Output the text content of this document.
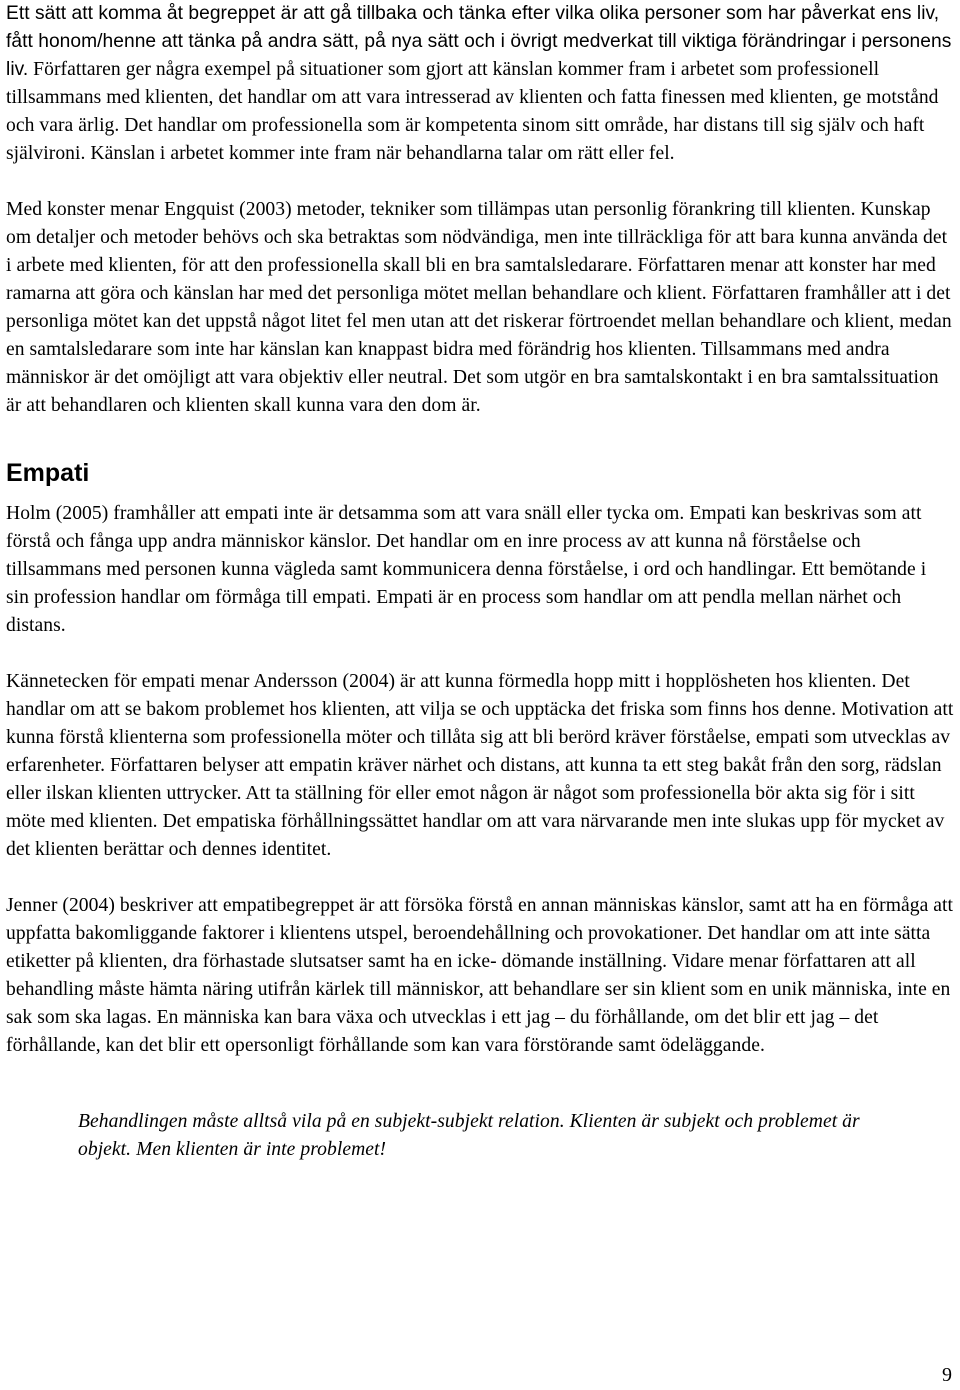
Ett sätt att komma åt begreppet är att gå tillbaka och tänka efter vilka olika personer som har påverkat ens liv, fått honom/henne att tänka på andra sätt, på nya sätt och i övrigt medverkat till viktiga förändringar i personens liv. Författaren ger några exempel på situationer som gjort att känslan kommer fram i arbetet som professionell tillsammans med klienten, det handlar om att vara intresserad av klienten och fatta finessen med klienten, ge motstånd och vara ärlig. Det handlar om professionella som är kompetenta sinom sitt område, har distans till sig själv och haft självironi. Känslan i arbetet kommer inte fram när behandlarna talar om rätt eller fel.

Med konster menar Engquist (2003) metoder, tekniker som tillämpas utan personlig förankring till klienten. Kunskap om detaljer och metoder behövs och ska betraktas som nödvändiga, men inte tillräckliga för att bara kunna använda det i arbete med klienten, för att den professionella skall bli en bra samtalsledarare. Författaren menar att konster har med ramarna att göra och känslan har med det personliga mötet mellan behandlare och klient. Författaren framhåller att i det personliga mötet kan det uppstå något litet fel men utan att det riskerar förtroendet mellan behandlare och klient, medan en samtalsledarare som inte har känslan kan knappast bidra med förändrig hos klienten. Tillsammans med andra människor är det omöjligt att vara objektiv eller neutral. Det som utgör en bra samtalskontakt i en bra samtalssituation är att behandlaren och klienten skall kunna vara den dom är.

Empati

Holm (2005) framhåller att empati inte är detsamma som att vara snäll eller tycka om. Empati kan beskrivas som att förstå och fånga upp andra människor känslor. Det handlar om en inre process av att kunna nå förståelse och tillsammans med personen kunna vägleda samt kommunicera denna förståelse, i ord och handlingar. Ett bemötande i sin profession handlar om förmåga till empati. Empati är en process som handlar om att pendla mellan närhet och distans.

Kännetecken för empati menar Andersson (2004) är att kunna förmedla hopp mitt i hopplösheten hos klienten. Det handlar om att se bakom problemet hos klienten, att vilja se och upptäcka det friska som finns hos denne. Motivation att kunna förstå klienterna som professionella möter och tillåta sig att bli berörd kräver förståelse, empati som utvecklas av erfarenheter. Författaren belyser att empatin kräver närhet och distans, att kunna ta ett steg bakåt från den sorg, rädslan eller ilskan klienten uttrycker. Att ta ställning för eller emot någon är något som professionella bör akta sig för i sitt möte med klienten. Det empatiska förhållningssättet handlar om att vara närvarande men inte slukas upp för mycket av det klienten berättar och dennes identitet.

Jenner (2004) beskriver att empatibegreppet är att försöka förstå en annan människas känslor, samt att ha en förmåga att uppfatta bakomliggande faktorer i klientens utspel, beroendehållning och provokationer. Det handlar om att inte sätta etiketter på klienten, dra förhastade slutsatser samt ha en icke- dömande inställning. Vidare menar författaren att all behandling måste hämta näring utifrån kärlek till människor, att behandlare ser sin klient som en unik människa, inte en sak som ska lagas. En människa kan bara växa och utvecklas i ett jag – du förhållande, om det blir ett jag – det förhållande, kan det blir ett opersonligt förhållande som kan vara förstörande samt ödeläggande.

Behandlingen måste alltså vila på en subjekt-subjekt relation. Klienten är subjekt och problemet är objekt. Men klienten är inte problemet!

9
